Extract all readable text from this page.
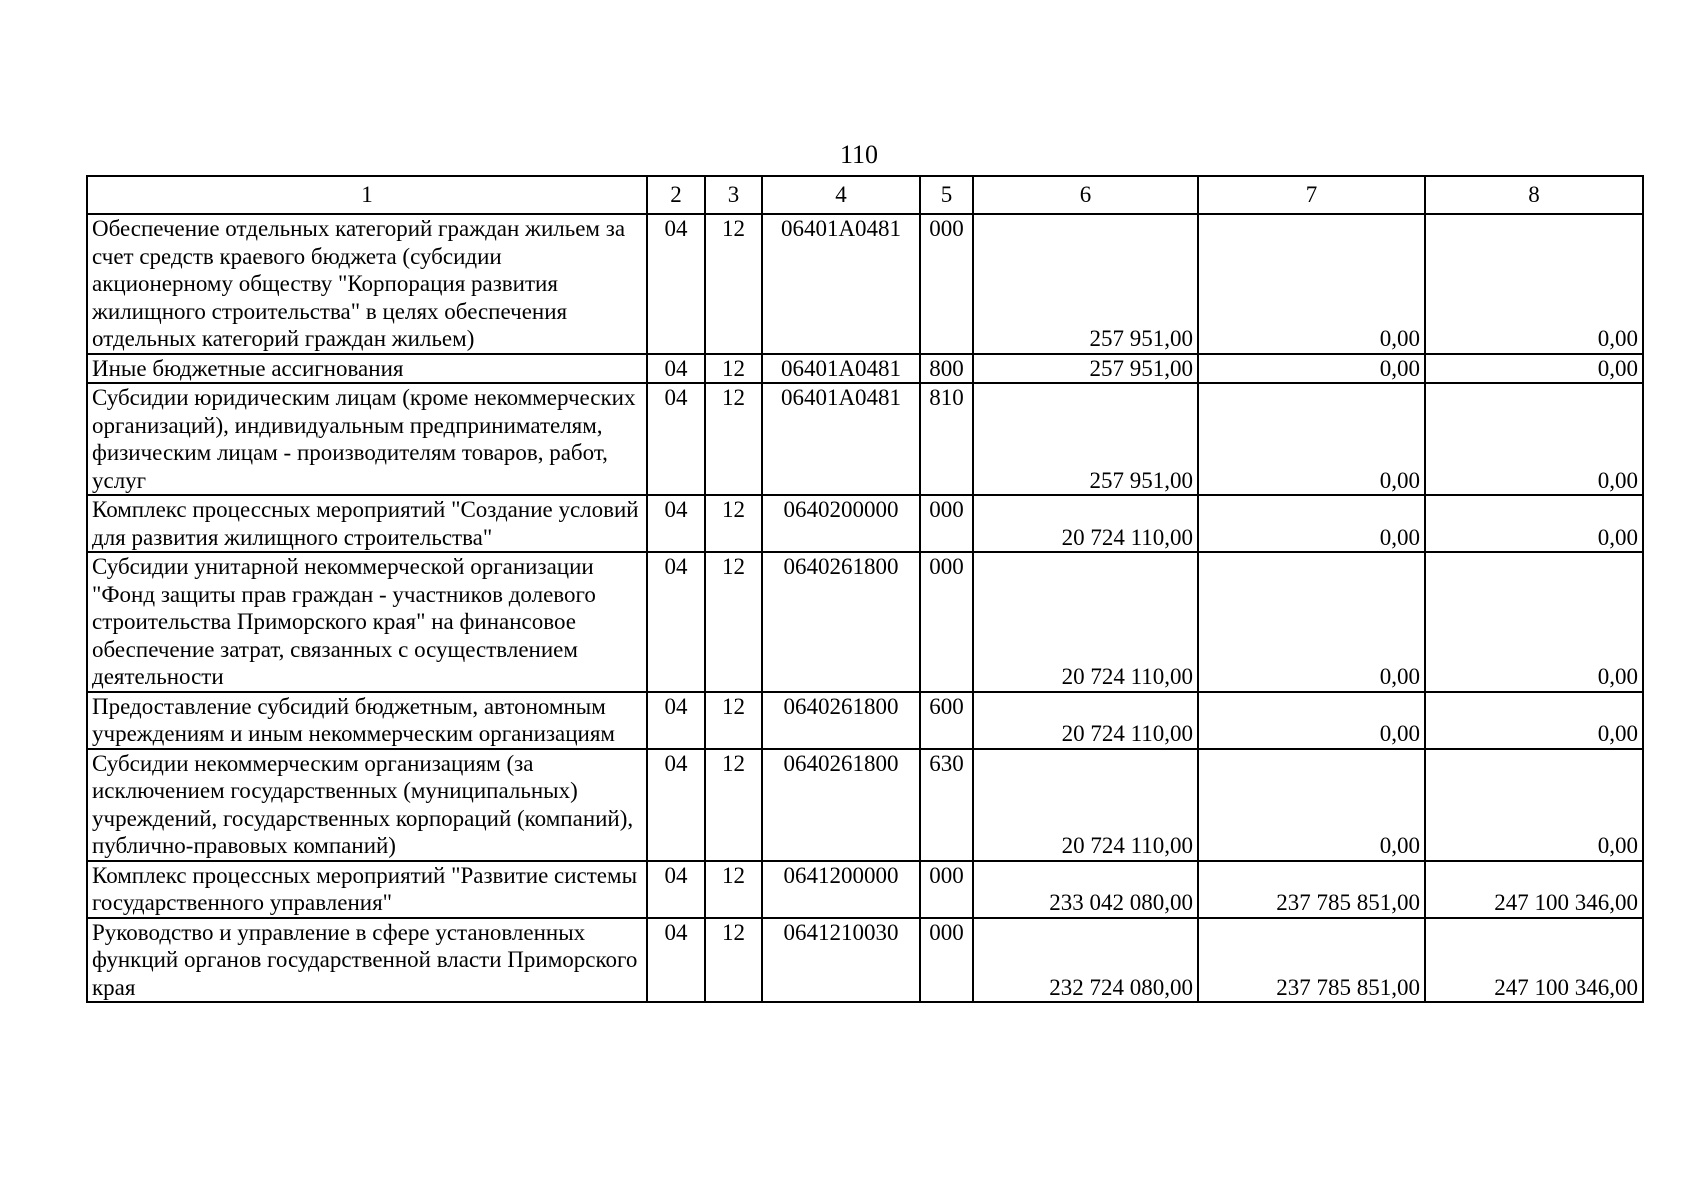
110
1	2	3	4	5	6	7	8
Обеспечение отдельных категорий граждан жильем за счет средств краевого бюджета (субсидии акционерному обществу "Корпорация развития жилищного строительства" в целях обеспечения отдельных категорий граждан жильем)	04	12	06401А0481	000	257 951,00	0,00	0,00
Иные бюджетные ассигнования	04	12	06401А0481	800	257 951,00	0,00	0,00
Субсидии юридическим лицам (кроме некоммерческих организаций), индивидуальным предпринимателям, физическим лицам - производителям товаров, работ, услуг	04	12	06401А0481	810	257 951,00	0,00	0,00
Комплекс процессных мероприятий "Создание условий для развития жилищного строительства"	04	12	0640200000	000	20 724 110,00	0,00	0,00
Субсидии унитарной некоммерческой организации "Фонд защиты прав граждан - участников долевого строительства Приморского края" на финансовое обеспечение затрат, связанных с осуществлением деятельности	04	12	0640261800	000	20 724 110,00	0,00	0,00
Предоставление субсидий бюджетным, автономным учреждениям и иным некоммерческим организациям	04	12	0640261800	600	20 724 110,00	0,00	0,00
Субсидии некоммерческим организациям (за исключением государственных (муниципальных) учреждений, государственных корпораций (компаний), публично-правовых компаний)	04	12	0640261800	630	20 724 110,00	0,00	0,00
Комплекс процессных мероприятий "Развитие системы государственного управления"	04	12	0641200000	000	233 042 080,00	237 785 851,00	247 100 346,00
Руководство и управление в сфере установленных функций органов государственной власти Приморского края	04	12	0641210030	000	232 724 080,00	237 785 851,00	247 100 346,00
